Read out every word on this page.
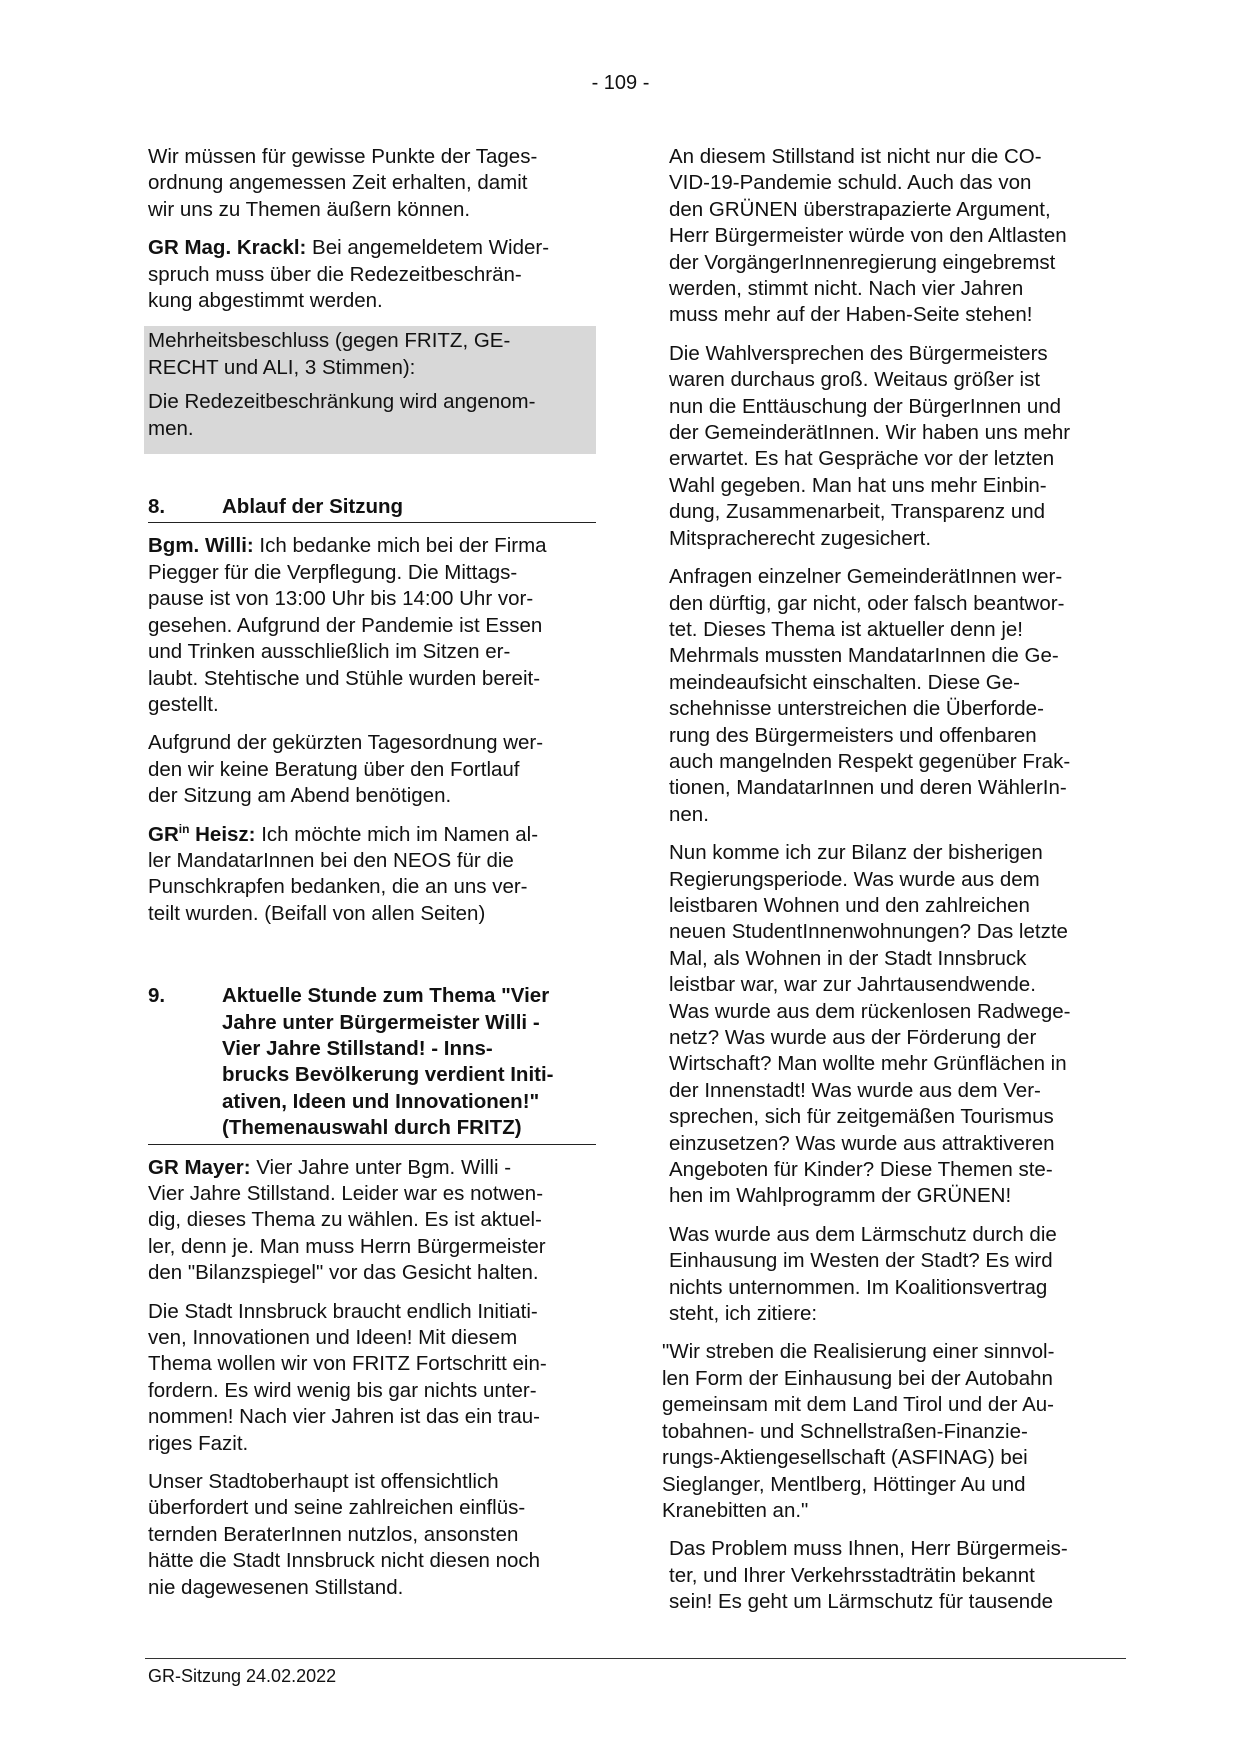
- 109 -

Wir müssen für gewisse Punkte der Tages-
ordnung angemessen Zeit erhalten, damit
wir uns zu Themen äußern können.

GR Mag. Krackl: Bei angemeldetem Wider-
spruch muss über die Redezeitbeschrän-
kung abgestimmt werden.

Mehrheitsbeschluss (gegen FRITZ, GE-
RECHT und ALI, 3 Stimmen):

Die Redezeitbeschränkung wird angenom-
men.

8.	Ablauf der Sitzung

Bgm. Willi: Ich bedanke mich bei der Firma
Piegger für die Verpflegung. Die Mittags-
pause ist von 13:00 Uhr bis 14:00 Uhr vor-
gesehen. Aufgrund der Pandemie ist Essen
und Trinken ausschließlich im Sitzen er-
laubt. Stehtische und Stühle wurden bereit-
gestellt.

Aufgrund der gekürzten Tagesordnung wer-
den wir keine Beratung über den Fortlauf
der Sitzung am Abend benötigen.

$GR^{in}$ Heisz: Ich möchte mich im Namen al-
ler MandatarInnen bei den NEOS für die
Punschkrapfen bedanken, die an uns ver-
teilt wurden. (Beifall von allen Seiten)

9.	Aktuelle Stunde zum Thema "Vier
Jahre unter Bürgermeister Willi -
Vier Jahre Stillstand! - Inns-
brucks Bevölkerung verdient Initi-
ativen, Ideen und Innovationen!"
(Themenauswahl durch FRITZ)

GR Mayer: Vier Jahre unter Bgm. Willi -
Vier Jahre Stillstand. Leider war es notwen-
dig, dieses Thema zu wählen. Es ist aktuel-
ler, denn je. Man muss Herrn Bürgermeister
den "Bilanzspiegel" vor das Gesicht halten.

Die Stadt Innsbruck braucht endlich Initiati-
ven, Innovationen und Ideen! Mit diesem
Thema wollen wir von FRITZ Fortschritt ein-
fordern. Es wird wenig bis gar nichts unter-
nommen! Nach vier Jahren ist das ein trau-
riges Fazit.

Unser Stadtoberhaupt ist offensichtlich
überfordert und seine zahlreichen einflüs-
ternden BeraterInnen nutzlos, ansonsten
hätte die Stadt Innsbruck nicht diesen noch
nie dagewesenen Stillstand.

An diesem Stillstand ist nicht nur die CO-
VID-19-Pandemie schuld. Auch das von
den GRÜNEN überstrapazierte Argument,
Herr Bürgermeister würde von den Altlasten
der VorgängerInnenregierung eingebremst
werden, stimmt nicht. Nach vier Jahren
muss mehr auf der Haben-Seite stehen!

Die Wahlversprechen des Bürgermeisters
waren durchaus groß. Weitaus größer ist
nun die Enttäuschung der BürgerInnen und
der GemeinderätInnen. Wir haben uns mehr
erwartet. Es hat Gespräche vor der letzten
Wahl gegeben. Man hat uns mehr Einbin-
dung, Zusammenarbeit, Transparenz und
Mitspracherecht zugesichert.

Anfragen einzelner GemeinderätInnen wer-
den dürftig, gar nicht, oder falsch beantwor-
tet. Dieses Thema ist aktueller denn je!
Mehrmals mussten MandatarInnen die Ge-
meindeaufsicht einschalten. Diese Ge-
schehnisse unterstreichen die Überforde-
rung des Bürgermeisters und offenbaren
auch mangelnden Respekt gegenüber Frak-
tionen, MandatarInnen und deren WählerIn-
nen.

Nun komme ich zur Bilanz der bisherigen
Regierungsperiode. Was wurde aus dem
leistbaren Wohnen und den zahlreichen
neuen StudentInnenwohnungen? Das letzte
Mal, als Wohnen in der Stadt Innsbruck
leistbar war, war zur Jahrtausendwende.
Was wurde aus dem rückenlosen Radwege-
netz? Was wurde aus der Förderung der
Wirtschaft? Man wollte mehr Grünflächen in
der Innenstadt! Was wurde aus dem Ver-
sprechen, sich für zeitgemäßen Tourismus
einzusetzen? Was wurde aus attraktiveren
Angeboten für Kinder? Diese Themen ste-
hen im Wahlprogramm der GRÜNEN!

Was wurde aus dem Lärmschutz durch die
Einhausung im Westen der Stadt? Es wird
nichts unternommen. Im Koalitionsvertrag
steht, ich zitiere:

"Wir streben die Realisierung einer sinnvol-
len Form der Einhausung bei der Autobahn
gemeinsam mit dem Land Tirol und der Au-
tobahnen- und Schnellstraßen-Finanzie-
rungs-Aktiengesellschaft (ASFINAG) bei
Sieglanger, Mentlberg, Höttinger Au und
Kranebitten an."

Das Problem muss Ihnen, Herr Bürgermeis-
ter, und Ihrer Verkehrsstadträtin bekannt
sein! Es geht um Lärmschutz für tausende

GR-Sitzung 24.02.2022
